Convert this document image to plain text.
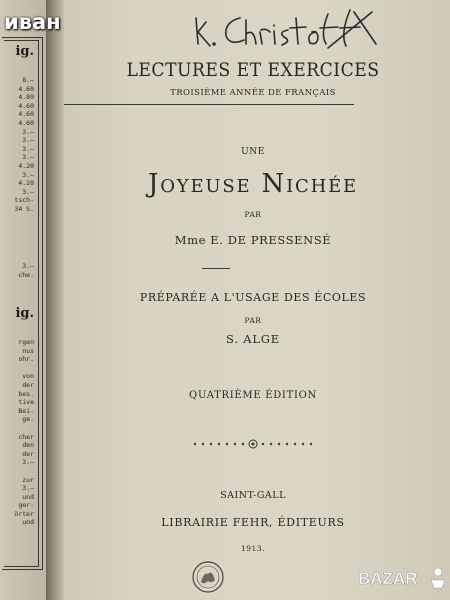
ig.
8.—
4.60
4.80
4.60
4.60
4.60
3.—
3.—
3.—
3.—
4.20
3.—
4.20
3.—
tsch-
34 S.
3.—
che.
ig.
rgen
nus
ohr.

von
der
bes.
tive
Bei-
ge.

cher
den
der
3.—

zur
3.—
und
ger-
örter
und
LECTURES ET EXERCICES
TROISIÈME ANNÉE DE FRANÇAIS
UNE
Joyeuse Nichée
PAR
Mme E. DE PRESSENSÉ
PRÉPARÉE A L'USAGE DES ÉCOLES
PAR
S. ALGE
QUATRIÈME ÉDITION
SAINT-GALL
LIBRAIRIE FEHR, ÉDITEURS
1913.
иван
BAZAR
